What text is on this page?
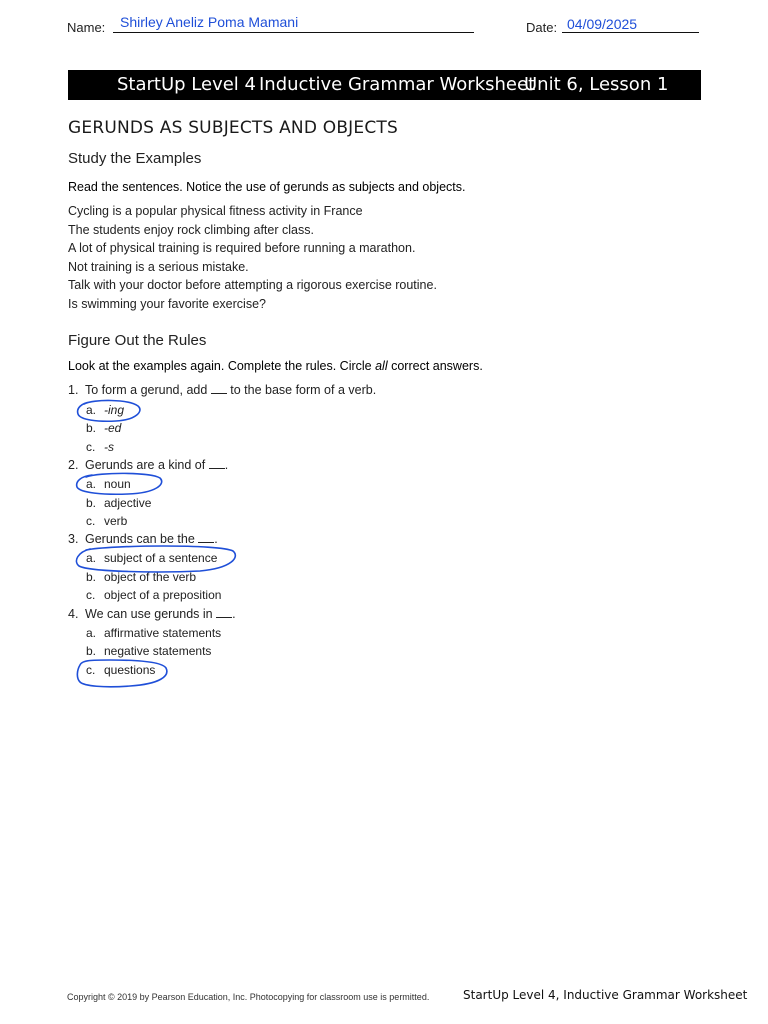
Name: Shirley Aneliz Poma Mamani	Date: 04/09/2025
StartUp Level 4 Inductive Grammar Worksheet
Unit 6, Lesson 1
GERUNDS AS SUBJECTS AND OBJECTS
Study the Examples
Read the sentences. Notice the use of gerunds as subjects and objects.
Cycling is a popular physical fitness activity in France
The students enjoy rock climbing after class.
A lot of physical training is required before running a marathon.
Not training is a serious mistake.
Talk with your doctor before attempting a rigorous exercise routine.
Is swimming your favorite exercise?
Figure Out the Rules
Look at the examples again. Complete the rules. Circle all correct answers.
1. To form a gerund, add  to the base form of a verb.
a. -ing
b. -ed
c. -s
2. Gerunds are a kind of .
a. noun
b. adjective
c. verb
3. Gerunds can be the .
a. subject of a sentence
b. object of the verb
c. object of a preposition
4. We can use gerunds in .
a. affirmative statements
b. negative statements
c. questions
Copyright © 2019 by Pearson Education, Inc. Photocopying for classroom use is permitted.	StartUp Level 4, Inductive Grammar Worksheet
